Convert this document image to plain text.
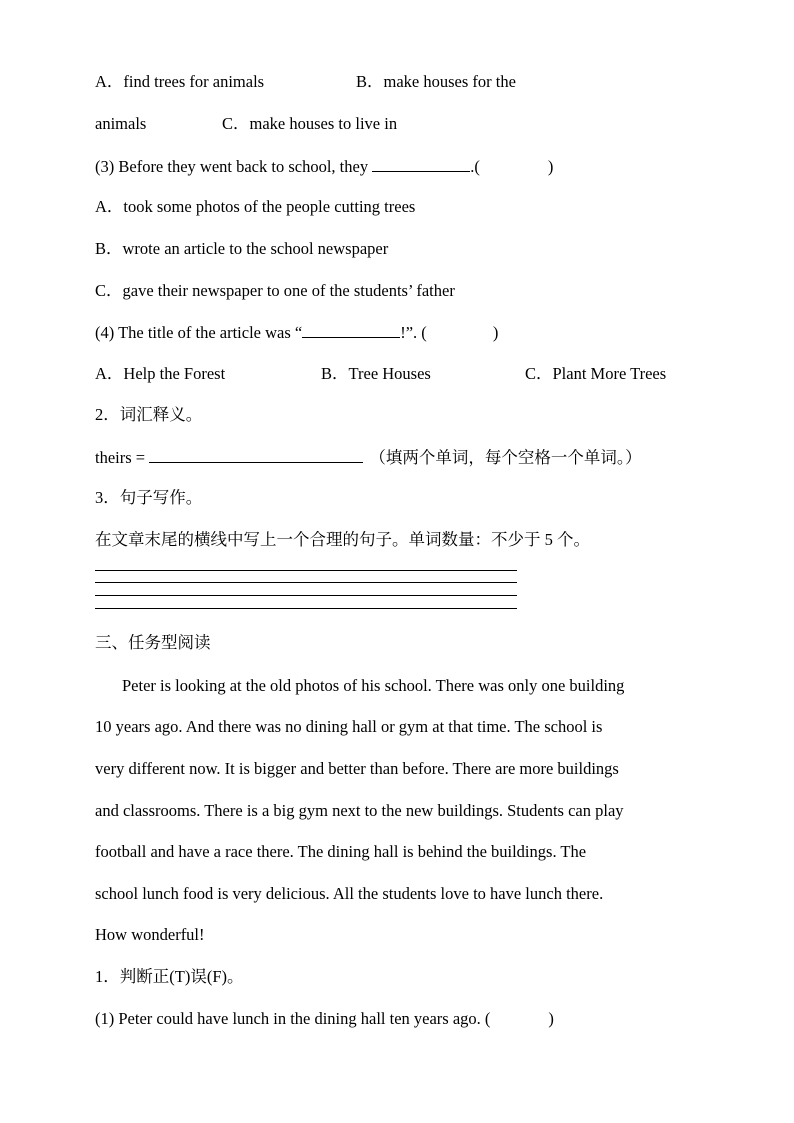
A．find trees for animals	B．make houses for the
animals	C．make houses to live in
(3) Before they went back to school, they	.(	)
A．took some photos of the people cutting trees
B．wrote an article to the school newspaper
C．gave their newspaper to one of the students’ father
(4) The title of the article was “	!”. (	)
A．Help the Forest	B．Tree Houses	C．Plant More Trees
2．词汇释义。
theirs =	（填两个单词，每个空格一个单词。）
3．句子写作。
在文章末尾的横线中写上一个合理的句子。单词数量：不少于 5 个。
三、任务型阅读
Peter is looking at the old photos of his school. There was only one building
10 years ago. And there was no dining hall or gym at that time. The school is
very different now. It is bigger and better than before. There are more buildings
and classrooms. There is a big gym next to the new buildings. Students can play
football and have a race there. The dining hall is behind the buildings. The
school lunch food is very delicious. All the students love to have lunch there.
How wonderful!
1．判断正(T)误(F)。
(1) Peter could have lunch in the dining hall ten years ago. (	)
